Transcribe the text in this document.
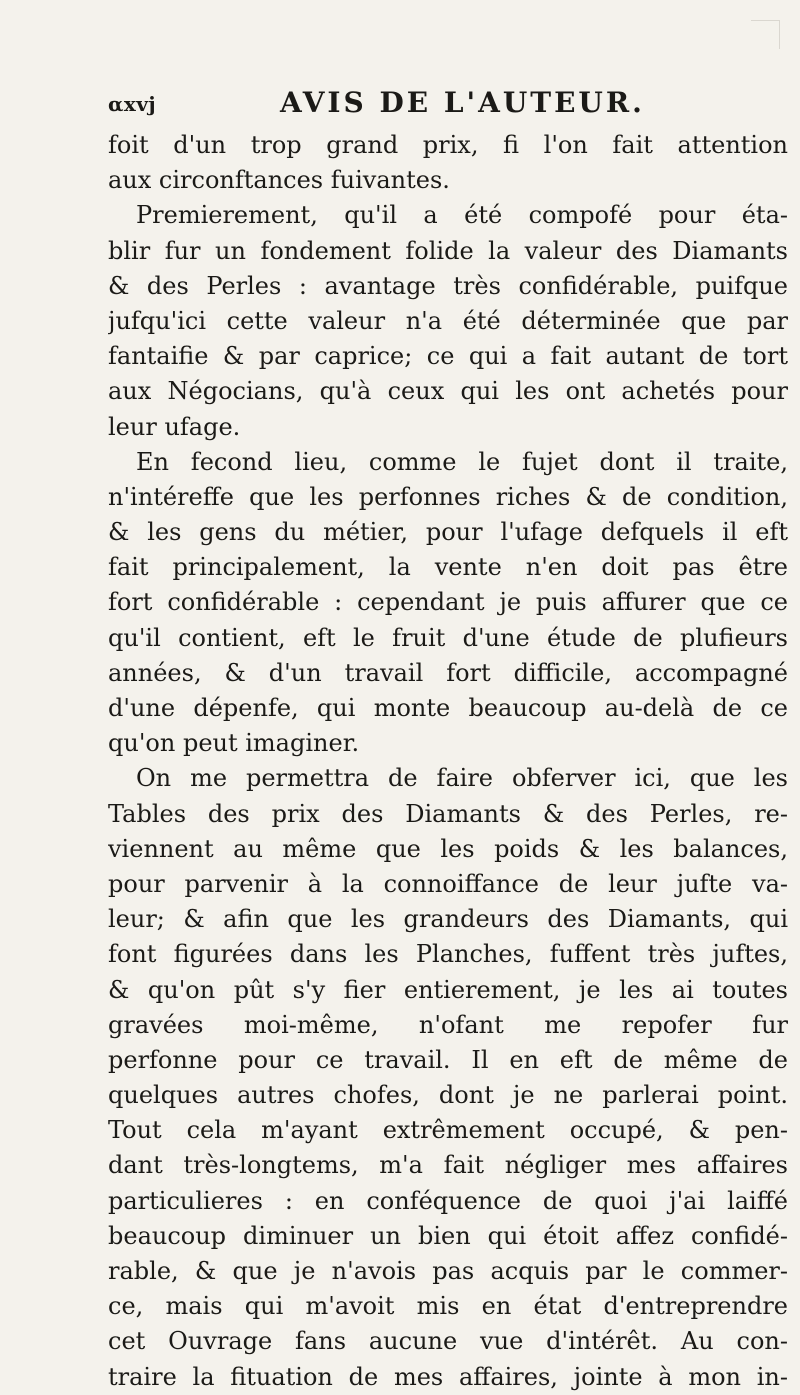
αxvj	AVIS DE L'AUTEUR.
foit d'un trop grand prix, fi l'on fait attention
aux circonftances fuivantes.
Premierement, qu'il a été compofé pour éta-
blir fur un fondement folide la valeur des Diamants
& des Perles : avantage très confidérable, puifque
jufqu'ici cette valeur n'a été déterminée que par
fantaifie & par caprice; ce qui a fait autant de tort
aux Négocians, qu'à ceux qui les ont achetés pour
leur ufage.
En fecond lieu, comme le fujet dont il traite,
n'intéreffe que les perfonnes riches & de condition,
& les gens du métier, pour l'ufage defquels il eft
fait principalement, la vente n'en doit pas être
fort confidérable : cependant je puis affurer que ce
qu'il contient, eft le fruit d'une étude de plufieurs
années, & d'un travail fort difficile, accompagné
d'une dépenfe, qui monte beaucoup au-delà de ce
qu'on peut imaginer.
On me permettra de faire obferver ici, que les
Tables des prix des Diamants & des Perles, re-
viennent au même que les poids & les balances,
pour parvenir à la connoiffance de leur jufte va-
leur; & afin que les grandeurs des Diamants, qui
font figurées dans les Planches, fuffent très juftes,
& qu'on pût s'y fier entierement, je les ai toutes
gravées moi-même, n'ofant me repofer fur
perfonne pour ce travail. Il en eft de même de
quelques autres chofes, dont je ne parlerai point.
Tout cela m'ayant extrêmement occupé, & pen-
dant très-longtems, m'a fait négliger mes affaires
particulieres : en conféquence de quoi j'ai laiffé
beaucoup diminuer un bien qui étoit affez confidé-
rable, & que je n'avois pas acquis par le commer-
ce, mais qui m'avoit mis en état d'entreprendre
cet Ouvrage fans aucune vue d'intérêt. Au con-
traire la fituation de mes affaires, jointe à mon in-
